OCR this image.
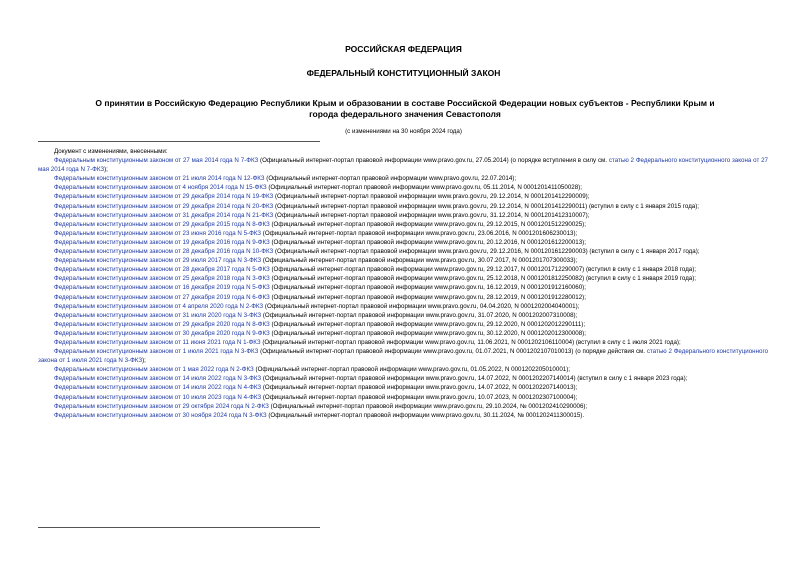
РОССИЙСКАЯ ФЕДЕРАЦИЯ
ФЕДЕРАЛЬНЫЙ КОНСТИТУЦИОННЫЙ ЗАКОН
О принятии в Российскую Федерацию Республики Крым и образовании в составе Российской Федерации новых субъектов - Республики Крым и города федерального значения Севастополя
(с изменениями на 30 ноября 2024 года)

Документ с изменениями, внесенными:

Федеральным конституционным законом от 27 мая 2014 года N 7-ФКЗ (Официальный интернет-портал правовой информации www.pravo.gov.ru, 27.05.2014) (о порядке вступления в силу см. статью 2 Федерального конституционного закона от 27 мая 2014 года N 7-ФКЗ);

Федеральным конституционным законом от 21 июля 2014 года N 12-ФКЗ (Официальный интернет-портал правовой информации www.pravo.gov.ru, 22.07.2014);

Федеральным конституционным законом от 4 ноября 2014 года N 15-ФКЗ (Официальный интернет-портал правовой информации www.pravo.gov.ru, 05.11.2014, N 0001201411050028);

Федеральным конституционным законом от 29 декабря 2014 года N 19-ФКЗ (Официальный интернет-портал правовой информации www.pravo.gov.ru, 29.12.2014, N 0001201412290009);

Федеральным конституционным законом от 29 декабря 2014 года N 20-ФКЗ (Официальный интернет-портал правовой информации www.pravo.gov.ru, 29.12.2014, N 0001201412290011) (вступил в силу с 1 января 2015 года);

Федеральным конституционным законом от 31 декабря 2014 года N 21-ФКЗ (Официальный интернет-портал правовой информации www.pravo.gov.ru, 31.12.2014, N 0001201412310007);

Федеральным конституционным законом от 29 декабря 2015 года N 8-ФКЗ (Официальный интернет-портал правовой информации www.pravo.gov.ru, 29.12.2015, N 0001201512290025);

Федеральным конституционным законом от 23 июня 2016 года N 5-ФКЗ (Официальный интернет-портал правовой информации www.pravo.gov.ru, 23.06.2016, N 0001201606230013);

Федеральным конституционным законом от 19 декабря 2016 года N 9-ФКЗ (Официальный интернет-портал правовой информации www.pravo.gov.ru, 20.12.2016, N 0001201612200013);

Федеральным конституционным законом от 28 декабря 2016 года N 10-ФКЗ (Официальный интернет-портал правовой информации www.pravo.gov.ru, 29.12.2016, N 0001201612290003) (вступил в силу с 1 января 2017 года);

Федеральным конституционным законом от 29 июля 2017 года N 3-ФКЗ (Официальный интернет-портал правовой информации www.pravo.gov.ru, 30.07.2017, N 0001201707300033);

Федеральным конституционным законом от 28 декабря 2017 года N 5-ФКЗ (Официальный интернет-портал правовой информации www.pravo.gov.ru, 29.12.2017, N 0001201712290007) (вступил в силу с 1 января 2018 года);

Федеральным конституционным законом от 25 декабря 2018 года N 3-ФКЗ (Официальный интернет-портал правовой информации www.pravo.gov.ru, 25.12.2018, N 0001201812250082) (вступил в силу с 1 января 2019 года);

Федеральным конституционным законом от 16 декабря 2019 года N 5-ФКЗ (Официальный интернет-портал правовой информации www.pravo.gov.ru, 16.12.2019, N 0001201912160060);

Федеральным конституционным законом от 27 декабря 2019 года N 6-ФКЗ (Официальный интернет-портал правовой информации www.pravo.gov.ru, 28.12.2019, N 0001201912280012);

Федеральным конституционным законом от 4 апреля 2020 года N 2-ФКЗ (Официальный интернет-портал правовой информации www.pravo.gov.ru, 04.04.2020, N 0001202004040001);

Федеральным конституционным законом от 31 июля 2020 года N 3-ФКЗ (Официальный интернет-портал правовой информации www.pravo.gov.ru, 31.07.2020, N 0001202007310008);

Федеральным конституционным законом от 29 декабря 2020 года N 8-ФКЗ (Официальный интернет-портал правовой информации www.pravo.gov.ru, 29.12.2020, N 0001202012290111);

Федеральным конституционным законом от 30 декабря 2020 года N 9-ФКЗ (Официальный интернет-портал правовой информации www.pravo.gov.ru, 30.12.2020, N 0001202012300008);

Федеральным конституционным законом от 11 июня 2021 года N 1-ФКЗ (Официальный интернет-портал правовой информации www.pravo.gov.ru, 11.06.2021, N 0001202106110004) (вступил в силу с 1 июля 2021 года);

Федеральным конституционным законом от 1 июля 2021 года N 3-ФКЗ (Официальный интернет-портал правовой информации www.pravo.gov.ru, 01.07.2021, N 0001202107010013) (о порядке действия см. статью 2 Федерального конституционного закона от 1 июля 2021 года N 3-ФКЗ);

Федеральным конституционным законом от 1 мая 2022 года N 2-ФКЗ (Официальный интернет-портал правовой информации www.pravo.gov.ru, 01.05.2022, N 0001202205010001);

Федеральным конституционным законом от 14 июля 2022 года N 3-ФКЗ (Официальный интернет-портал правовой информации www.pravo.gov.ru, 14.07.2022, N 0001202207140014) (вступил в силу с 1 января 2023 года);

Федеральным конституционным законом от 14 июля 2022 года N 4-ФКЗ (Официальный интернет-портал правовой информации www.pravo.gov.ru, 14.07.2022, N 0001202207140013);

Федеральным конституционным законом от 10 июля 2023 года N 4-ФКЗ (Официальный интернет-портал правовой информации www.pravo.gov.ru, 10.07.2023, N 0001202307100004);

Федеральным конституционным законом от 29 октября 2024 года N 2-ФКЗ (Официальный интернет-портал правовой информации www.pravo.gov.ru, 29.10.2024, № 0001202410290006);

Федеральным конституционным законом от 30 ноября 2024 года N 3-ФКЗ (Официальный интернет-портал правовой информации www.pravo.gov.ru, 30.11.2024, № 0001202411300015).
